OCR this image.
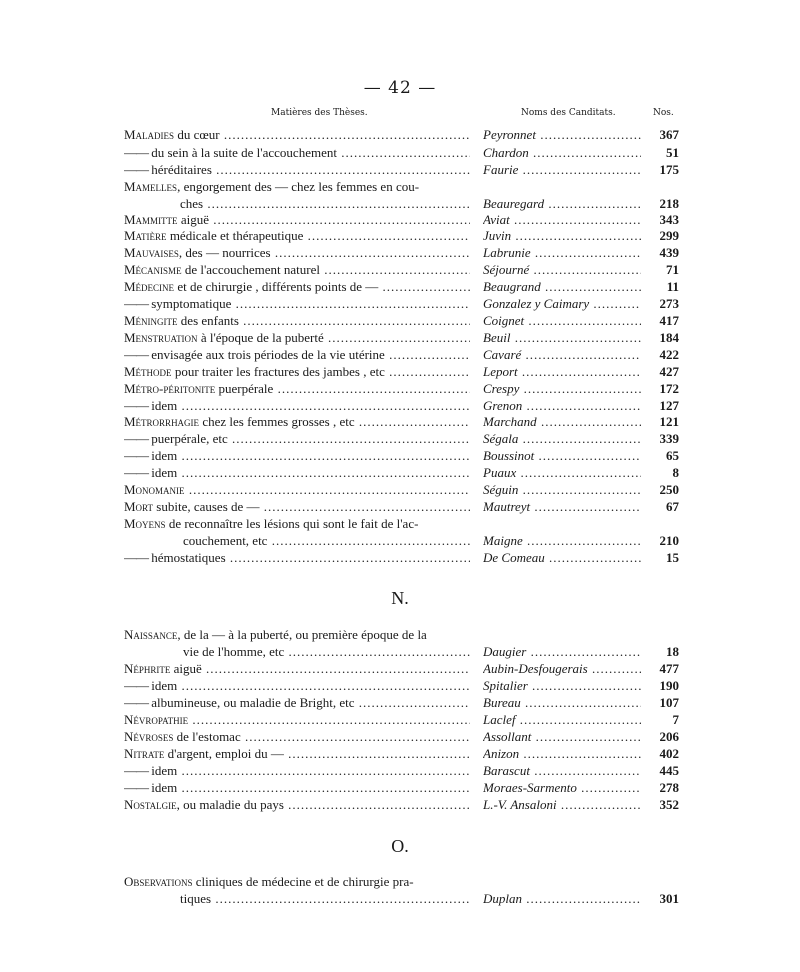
— 42 —
Matières des Thèses.	Noms des Canditats.	Nos.
N.
O.
Maladies du cœur .....	Peyronnet .....	367
—— du sein à la suite de l'accouchement .....	Chardon .....	51
—— héréditaires .....	Faurie .....	175
Mamelles, engorgement des — chez les femmes en cou-
ches .....	Beauregard .....	218
Mammitte aiguë .....	Aviat .....	343
Matière médicale et thérapeutique .....	Juvin .....	299
Mauvaises, des — nourrices .....	Labrunie .....	439
Mécanisme de l'accouchement naturel .....	Séjourné .....	71
Médecine et de chirurgie , différents points de — .....	Beaugrand .....	11
—— symptomatique .....	Gonzalez y Caimary .....	273
Méningite des enfants .....	Coignet .....	417
Menstruation à l'époque de la puberté .....	Beuil .....	184
—— envisagée aux trois périodes de la vie utérine .....	Cavaré .....	422
Méthode pour traiter les fractures des jambes , etc .....	Leport .....	427
Métro-péritonite puerpérale .....	Crespy .....	172
—— idem .....	Grenon .....	127
Métrorrhagie chez les femmes grosses , etc .....	Marchand .....	121
—— puerpérale, etc .....	Ségala .....	339
—— idem .....	Boussinot .....	65
—— idem .....	Puaux .....	8
Monomanie .....	Séguin .....	250
Mort subite, causes de — .....	Mautreyt .....	67
Moyens de reconnaître les lésions qui sont le fait de l'ac-
couchement, etc .....	Maigne .....	210
—— hémostatiques .....	De Comeau .....	15
Naissance, de la — à la puberté, ou première époque de la
vie de l'homme, etc .....	Daugier .....	18
Néphrite aiguë .....	Aubin-Desfougerais .....	477
—— idem .....	Spitalier .....	190
—— albumineuse, ou maladie de Bright, etc .....	Bureau .....	107
Névropathie .....	Laclef .....	7
Névroses de l'estomac .....	Assollant .....	206
Nitrate d'argent, emploi du — .....	Anizon .....	402
—— idem .....	Barascut .....	445
—— idem .....	Moraes-Sarmento .....	278
Nostalgie, ou maladie du pays .....	L.-V. Ansaloni .....	352
Observations cliniques de médecine et de chirurgie pra-
tiques .....	Duplan .....	301
